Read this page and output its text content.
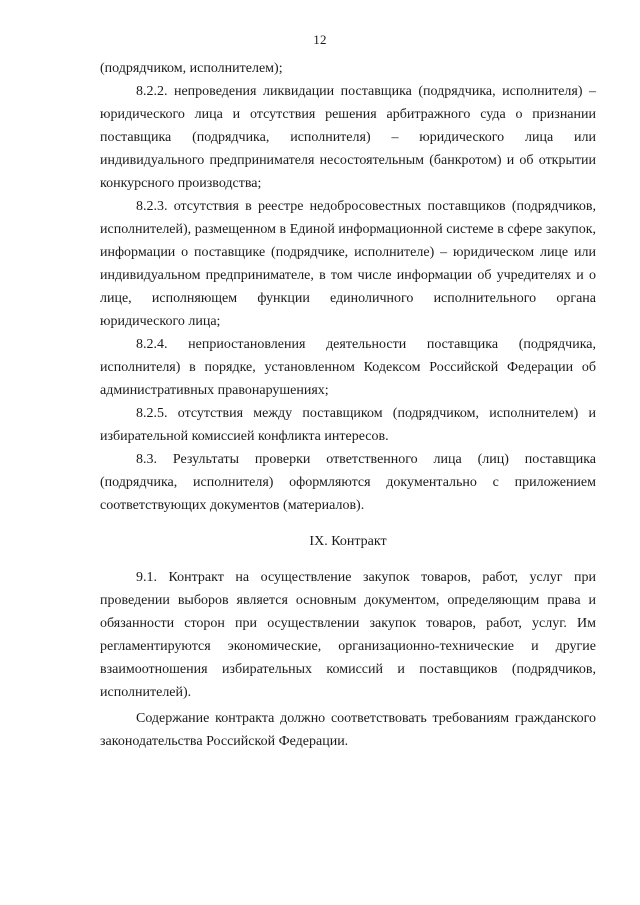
12

(подрядчиком, исполнителем);

8.2.2. непроведения ликвидации поставщика (подрядчика, исполнителя) – юридического лица и отсутствия решения арбитражного суда о признании поставщика (подрядчика, исполнителя) – юридического лица или индивидуального предпринимателя несостоятельным (банкротом) и об открытии конкурсного производства;

8.2.3. отсутствия в реестре недобросовестных поставщиков (подрядчиков, исполнителей), размещенном в Единой информационной системе в сфере закупок, информации о поставщике (подрядчике, исполнителе) – юридическом лице или индивидуальном предпринимателе, в том числе информации об учредителях и о лице, исполняющем функции единоличного исполнительного органа юридического лица;

8.2.4. неприостановления деятельности поставщика (подрядчика, исполнителя) в порядке, установленном Кодексом Российской Федерации об административных правонарушениях;

8.2.5. отсутствия между поставщиком (подрядчиком, исполнителем) и избирательной комиссией конфликта интересов.

8.3. Результаты проверки ответственного лица (лиц) поставщика (подрядчика, исполнителя) оформляются документально с приложением соответствующих документов (материалов).

IX. Контракт

9.1. Контракт на осуществление закупок товаров, работ, услуг при проведении выборов является основным документом, определяющим права и обязанности сторон при осуществлении закупок товаров, работ, услуг. Им регламентируются экономические, организационно-технические и другие взаимоотношения избирательных комиссий и поставщиков (подрядчиков, исполнителей).

Содержание контракта должно соответствовать требованиям гражданского законодательства Российской Федерации.
